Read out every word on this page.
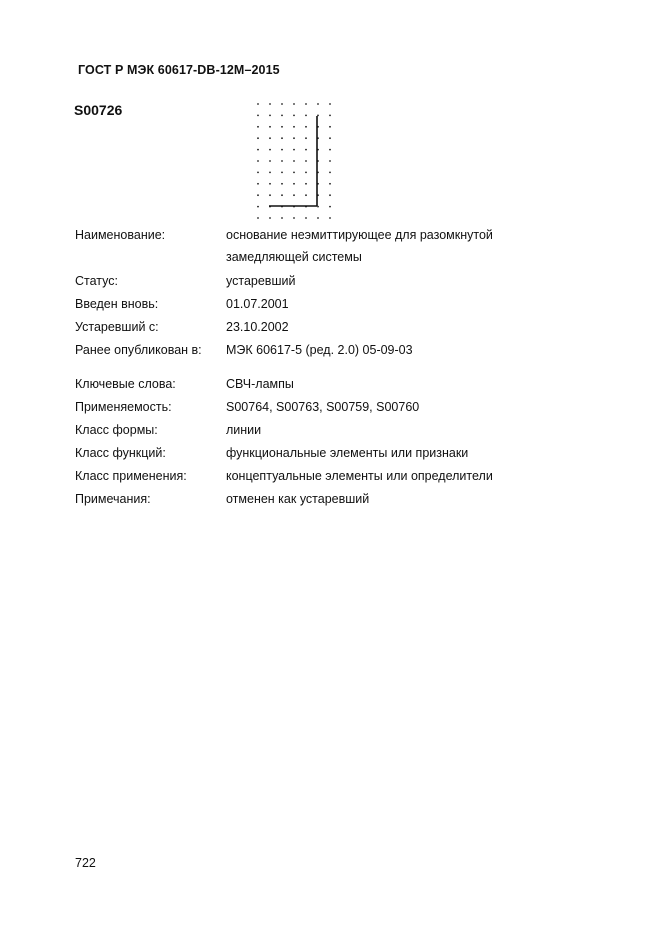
ГОСТ Р МЭК 60617-DB-12M–2015
S00726
Наименование:	основание неэмиттирующее для разомкнутой
замедляющей системы
Статус:	устаревший
Введен вновь:	01.07.2001
Устаревший с:	23.10.2002
Ранее опубликован в: МЭК 60617-5 (ред. 2.0) 05-09-03
Ключевые слова:	СВЧ-лампы
Применяемость:	S00764, S00763, S00759, S00760
Класс формы:	линии
Класс функций:	функциональные элементы или признаки
Класс применения:	концептуальные элементы или определители
Примечания:	отменен как устаревший
722
